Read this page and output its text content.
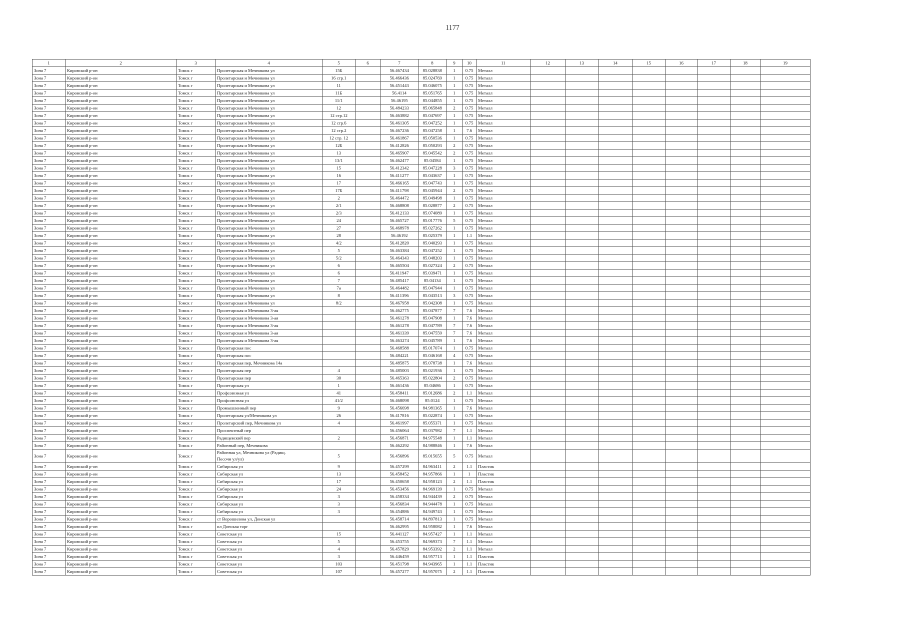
1177
1	2	3	4	5	6	7	8	9	10	11	12	13	14	15	16	17	18	19
Зона 7	Кировский р-он	Томск г	Пролетарская и Мечникова ул	15Б		56.467434	85.028838	1	0.75	Металл								
Зона 7	Кировский р-он	Томск г	Пролетарская и Мечникова ул	16 стр.1		56.466436	85.024769	1	0.75	Металл								
Зона 7	Кировский р-он	Томск г	Пролетарская и Мечникова ул	11		56.451443	85.046075	1	0.75	Металл								
Зона 7	Кировский р-он	Томск г	Пролетарская и Мечникова ул	11Б		56.4114	85.051765	1	0.75	Металл								
Зона 7	Кировский р-он	Томск г	Пролетарская и Мечникова ул	11/1		56.46195	85.044855	1	0.75	Металл								
Зона 7	Кировский р-он	Томск г	Пролетарская и Мечникова ул	12		56.484233	85.065848	2	0.75	Металл								
Зона 7	Кировский р-он	Томск г	Пролетарская и Мечникова ул	12 стр.12		56.463882	85.047697	1	0.75	Металл								
Зона 7	Кировский р-он	Томск г	Пролетарская и Мечникова ул	12 стр.6		56.461305	85.047252	1	0.75	Металл								
Зона 7	Кировский р-он	Томск г	Пролетарская и Мечникова ул	12 стр.2		56.467236	85.047258	1	7.6	Металл								
Зона 7	Кировский р-он	Томск г	Пролетарская и Мечникова ул	12 стр. 12		56.461867	85.050536	1	0.75	Металл								
Зона 7	Кировский р-он	Томск г	Пролетарская и Мечникова ул	12Б		56.412826	85.050293	2	0.75	Металл								
Зона 7	Кировский р-он	Томск г	Пролетарская и Мечникова ул	13		56.465907	85.045542	2	0.75	Металл								
Зона 7	Кировский р-он	Томск г	Пролетарская и Мечникова ул	13/1		56.462477	85.04584	1	0.75	Металл								
Зона 7	Кировский р-он	Томск г	Пролетарская и Мечникова ул	15		56.412342	85.047228	3	0.75	Металл								
Зона 7	Кировский р-он	Томск г	Пролетарская и Мечникова ул	16		56.411277	85.043637	1	0.75	Металл								
Зона 7	Кировский р-он	Томск г	Пролетарская и Мечникова ул	17		56.466165	85.047743	1	0.75	Металл								
Зона 7	Кировский р-он	Томск г	Пролетарская и Мечникова ул	17Б		56.411798	85.045944	2	0.75	Металл								
Зона 7	Кировский р-он	Томск г	Пролетарская и Мечникова ул	2		56.464472	85.049498	1	0.75	Металл								
Зона 7	Кировский р-он	Томск г	Пролетарская и Мечникова ул	2/1		56.468808	85.028877	2	0.75	Металл								
Зона 7	Кировский р-он	Томск г	Пролетарская и Мечникова ул	2/3		56.412133	85.074089	1	0.75	Металл								
Зона 7	Кировский р-он	Томск г	Пролетарская и Мечникова ул	24		56.465727	85.017776	5	0.75	Металл								
Зона 7	Кировский р-он	Томск г	Пролетарская и Мечникова ул	27		56.468978	85.027262	1	0.75	Металл								
Зона 7	Кировский р-он	Томск г	Пролетарская и Мечникова ул	28		56.46192	85.025379	1	1.1	Металл								
Зона 7	Кировский р-он	Томск г	Пролетарская и Мечникова ул	4/2		56.412820	85.040293	1	0.75	Металл								
Зона 7	Кировский р-он	Томск г	Пролетарская и Мечникова ул	5		56.463384	85.047252	1	0.75	Металл								
Зона 7	Кировский р-он	Томск г	Пролетарская и Мечникова ул	5/2		56.464343	85.048203	1	0.75	Металл								
Зона 7	Кировский р-он	Томск г	Пролетарская и Мечникова ул	6		56.465504	85.027324	2	0.75	Металл								
Зона 7	Кировский р-он	Томск г	Пролетарская и Мечникова ул	6		56.411947	85.039471	1	0.75	Металл								
Зона 7	Кировский р-он	Томск г	Пролетарская и Мечникова ул	7		56.485417	85.04134	1	0.75	Металл								
Зона 7	Кировский р-он	Томск г	Пролетарская и Мечникова ул	7а		56.464482	85.047944	1	0.75	Металл								
Зона 7	Кировский р-он	Томск г	Пролетарская и Мечникова ул	8		56.411396	85.043513	3	0.75	Металл								
Зона 7	Кировский р-он	Томск г	Пролетарская и Мечникова ул	8/2		56.467958	85.042308	1	0.75	Металл								
Зона 7	Кировский р-он	Томск г	Пролетарская и Мечникова 3-ая			56.462775	85.047877	7	7.6	Металл								
Зона 7	Кировский р-он	Томск г	Пролетарская и Мечникова 3-ая			56.461278	85.047908	1	7.6	Металл								
Зона 7	Кировский р-он	Томск г	Пролетарская и Мечникова 3-ая			56.461278	85.047789	7	7.6	Металл								
Зона 7	Кировский р-он	Томск г	Пролетарская и Мечникова 3-ая			56.461339	85.047559	7	7.6	Металл								
Зона 7	Кировский р-он	Томск г	Пролетарская и Мечникова 3-ая			56.463274	85.045789	1	7.6	Металл								
Зона 7	Кировский р-он	Томск г	Пролетарская пос			56.468588	85.017074	1	0.75	Металл								
Зона 7	Кировский р-он	Томск г	Пролетарская пос			56.484221	85.046168	4	0.75	Металл								
Зона 7	Кировский р-он	Томск г	Пролетарская пер, Мечникова 14а			56.485875	85.078738	1	7.6	Металл								
Зона 7	Кировский р-он	Томск г	Пролетарская пер	4		56.485003	85.021936	1	0.75	Металл								
Зона 7	Кировский р-он	Томск г	Пролетарская пер	30		56.465363	85.022804	2	0.75	Металл								
Зона 7	Кировский р-он	Томск г	Пролетарская ул	1		56.461436	85.04686	1	0.75	Металл								
Зона 7	Кировский р-он	Томск г	Профсоюзная ул	41		56.458411	85.012686	2	1.1	Металл								
Зона 7	Кировский р-он	Томск г	Профсоюзная ул	41/2		56.468098	85.0124	1	0.75	Металл								
Зона 7	Кировский р-он	Томск г	Промышленный пер	9		56.456698	84.981365	1	7.6	Металл								
Зона 7	Кировский р-он	Томск г	Пролетарская ул/Мечникова ул	26		56.417816	85.022874	1	0.75	Металл								
Зона 7	Кировский р-он	Томск г	Пролетарский пер, Мечникова ул	4		56.461997	85.055371	1	0.75	Металл								
Зона 7	Кировский р-он	Томск г	Проспектный пер			56.456064	85.037982	7	1.1	Металл								
Зона 7	Кировский р-он	Томск г	Радищевский пер	2		56.456871	84.975548	1	1.1	Металл								
Зона 7	Кировский р-он	Томск г	Районный пер, Мечникова			56.462292	84.988846	1	7.6	Металл								
Зона 7	Кировский р-он	Томск г	Районная ул, Мечникова ул (Радищ.
Песочн ул/ул)	5		56.456896	85.015655	5	0.75	Металл								
Зона 7	Кировский р-он	Томск г	Сибирская ул	9		56.457299	84.963411	2	1.1	Пластик								
Зона 7	Кировский р-он	Томск г	Сибирская ул	13		56.458452	84.957866	1	1	Пластик								
Зона 7	Кировский р-он	Томск г	Сибирская ул	17		56.450658	84.958123	2	1.1	Пластик								
Зона 7	Кировский р-он	Томск г	Сибирская ул	24		56.453456	84.969139	1	0.75	Металл								
Зона 7	Кировский р-он	Томск г	Сибирская ул	3		56.458334	84.944439	2	0.75	Металл								
Зона 7	Кировский р-он	Томск г	Сибирская ул	3		56.456834	84.944478	1	0.75	Металл								
Зона 7	Кировский р-он	Томск г	Сибирская ул	3		56.454886	84.949743	1	0.75	Металл								
Зона 7	Кировский р-он	Томск г	ст Ворошилова ул, Донская ул			56.458714	84.897813	1	0.75	Металл								
Зона 7	Кировский р-он	Томск г	пл Донская торг			56.462995	84.958082	1	7.6	Металл								
Зона 7	Кировский р-он	Томск г	Советская ул	15		56.441127	84.957427	1	1.1	Металл								
Зона 7	Кировский р-он	Томск г	Советская ул	5		56.453755	84.969373	7	1.1	Металл								
Зона 7	Кировский р-он	Томск г	Советская ул	4		56.457829	84.953392	2	1.1	Металл								
Зона 7	Кировский р-он	Томск г	Советская ул	3		56.446459	84.957713	1	1.1	Пластик								
Зона 7	Кировский р-он	Томск г	Советская ул	103		56.451798	84.943965	1	1.1	Пластик								
Зона 7	Кировский р-он	Томск г	Советская ул	107		56.457277	84.957075	2	1.1	Пластик								
